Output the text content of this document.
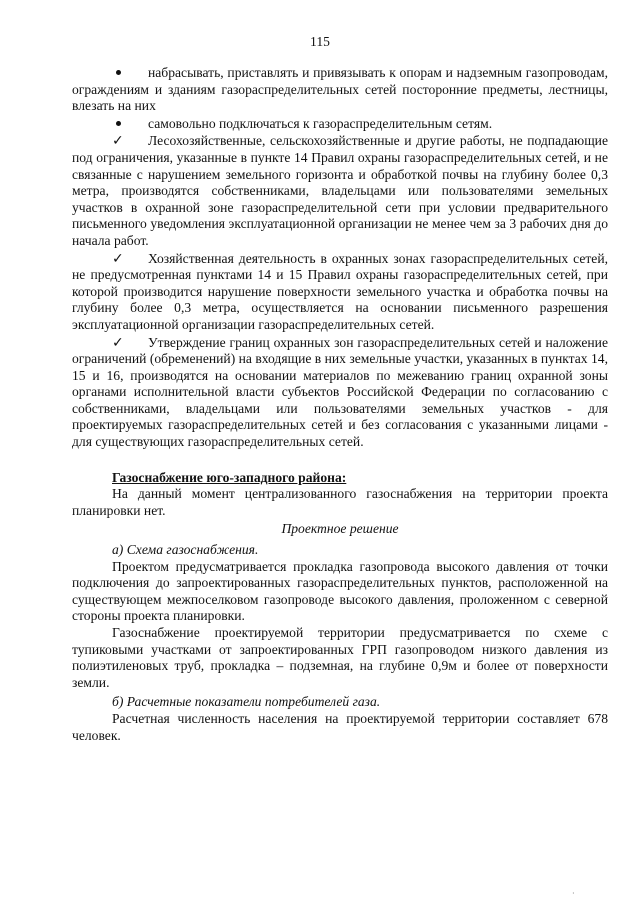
115

набрасывать, приставлять и привязывать к опорам и надземным газопроводам, ограждениям и зданиям газораспределительных сетей посторонние предметы, лестницы, влезать на них

самовольно подключаться к газораспределительным сетям.

✓ Лесохозяйственные, сельскохозяйственные и другие работы, не подпадающие под ограничения, указанные в пункте 14 Правил охраны газораспределительных сетей, и не связанные с нарушением земельного горизонта и обработкой почвы на глубину более 0,3 метра, производятся собственниками, владельцами или пользователями земельных участков в охранной зоне газораспределительной сети при условии предварительного письменного уведомления эксплуатационной организации не менее чем за 3 рабочих дня до начала работ.

✓ Хозяйственная деятельность в охранных зонах газораспределительных сетей, не предусмотренная пунктами 14 и 15 Правил охраны газораспределительных сетей, при которой производится нарушение поверхности земельного участка и обработка почвы на глубину более 0,3 метра, осуществляется на основании письменного разрешения эксплуатационной организации газораспределительных сетей.

✓ Утверждение границ охранных зон газораспределительных сетей и наложение ограничений (обременений) на входящие в них земельные участки, указанных в пунктах 14, 15 и 16, производятся на основании материалов по межеванию границ охранной зоны органами исполнительной власти субъектов Российской Федерации по согласованию с собственниками, владельцами или пользователями земельных участков - для проектируемых газораспределительных сетей и без согласования с указанными лицами - для существующих газораспределительных сетей.

Газоснабжение юго-западного района:

На данный момент централизованного газоснабжения на территории проекта планировки нет.

Проектное решение

а) Схема газоснабжения.

Проектом предусматривается прокладка газопровода высокого давления от точки подключения до запроектированных газораспределительных пунктов, расположенной на существующем межпоселковом газопроводе высокого давления, проложенном с северной стороны проекта планировки.

Газоснабжение проектируемой территории предусматривается по схеме с тупиковыми участками от запроектированных ГРП газопроводом низкого давления из полиэтиленовых труб, прокладка – подземная, на глубине 0,9м и более от поверхности земли.

б) Расчетные показатели потребителей газа.

Расчетная численность населения на проектируемой территории составляет 678 человек.

·
